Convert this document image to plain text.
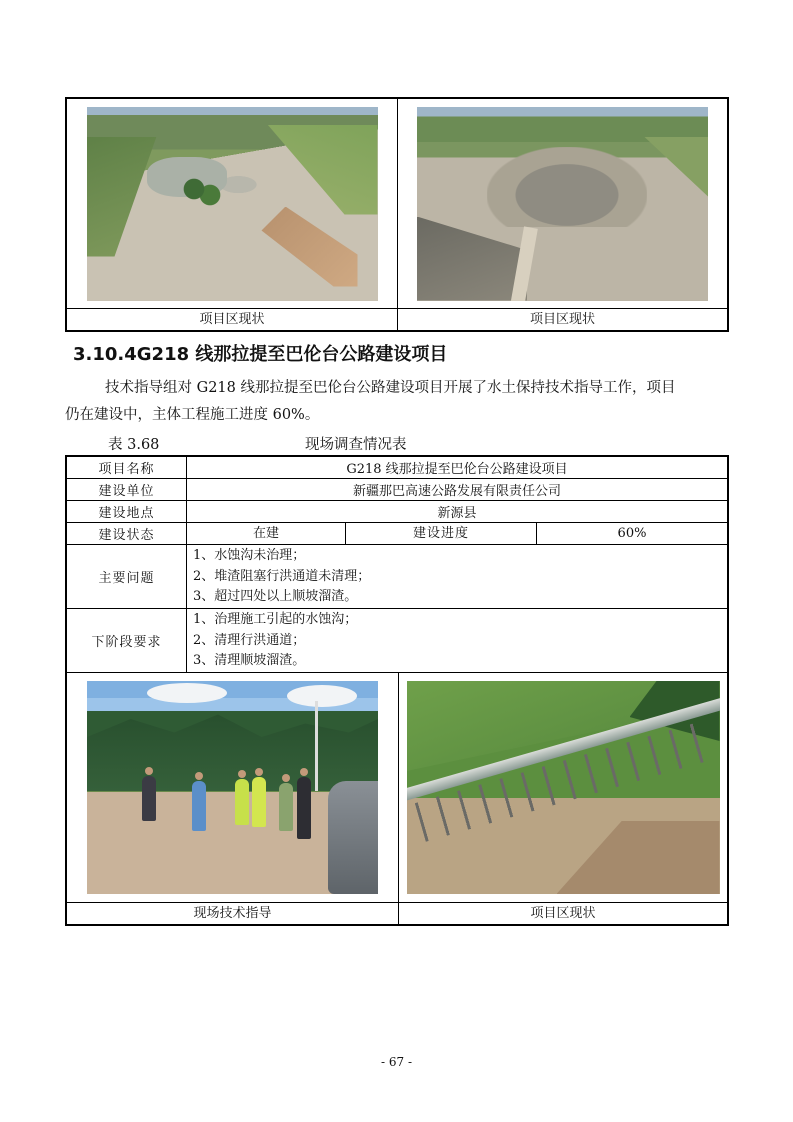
项目区现状	项目区现状
3.10.4G218 线那拉提至巴伦台公路建设项目
技术指导组对 G218 线那拉提至巴伦台公路建设项目开展了水土保持技术指导工作，项目
仍在建设中，主体工程施工进度 60%。
表 3.68	现场调查情况表
项目名称	G218 线那拉提至巴伦台公路建设项目
建设单位	新疆那巴高速公路发展有限责任公司
建设地点	新源县
建设状态	在建	建设进度	60%
主要问题
1、水蚀沟未治理；
2、堆渣阻塞行洪通道未清理；
3、超过四处以上顺坡溜渣。
下阶段要求
1、治理施工引起的水蚀沟；
2、清理行洪通道；
3、清理顺坡溜渣。
现场技术指导	项目区现状
- 67 -
